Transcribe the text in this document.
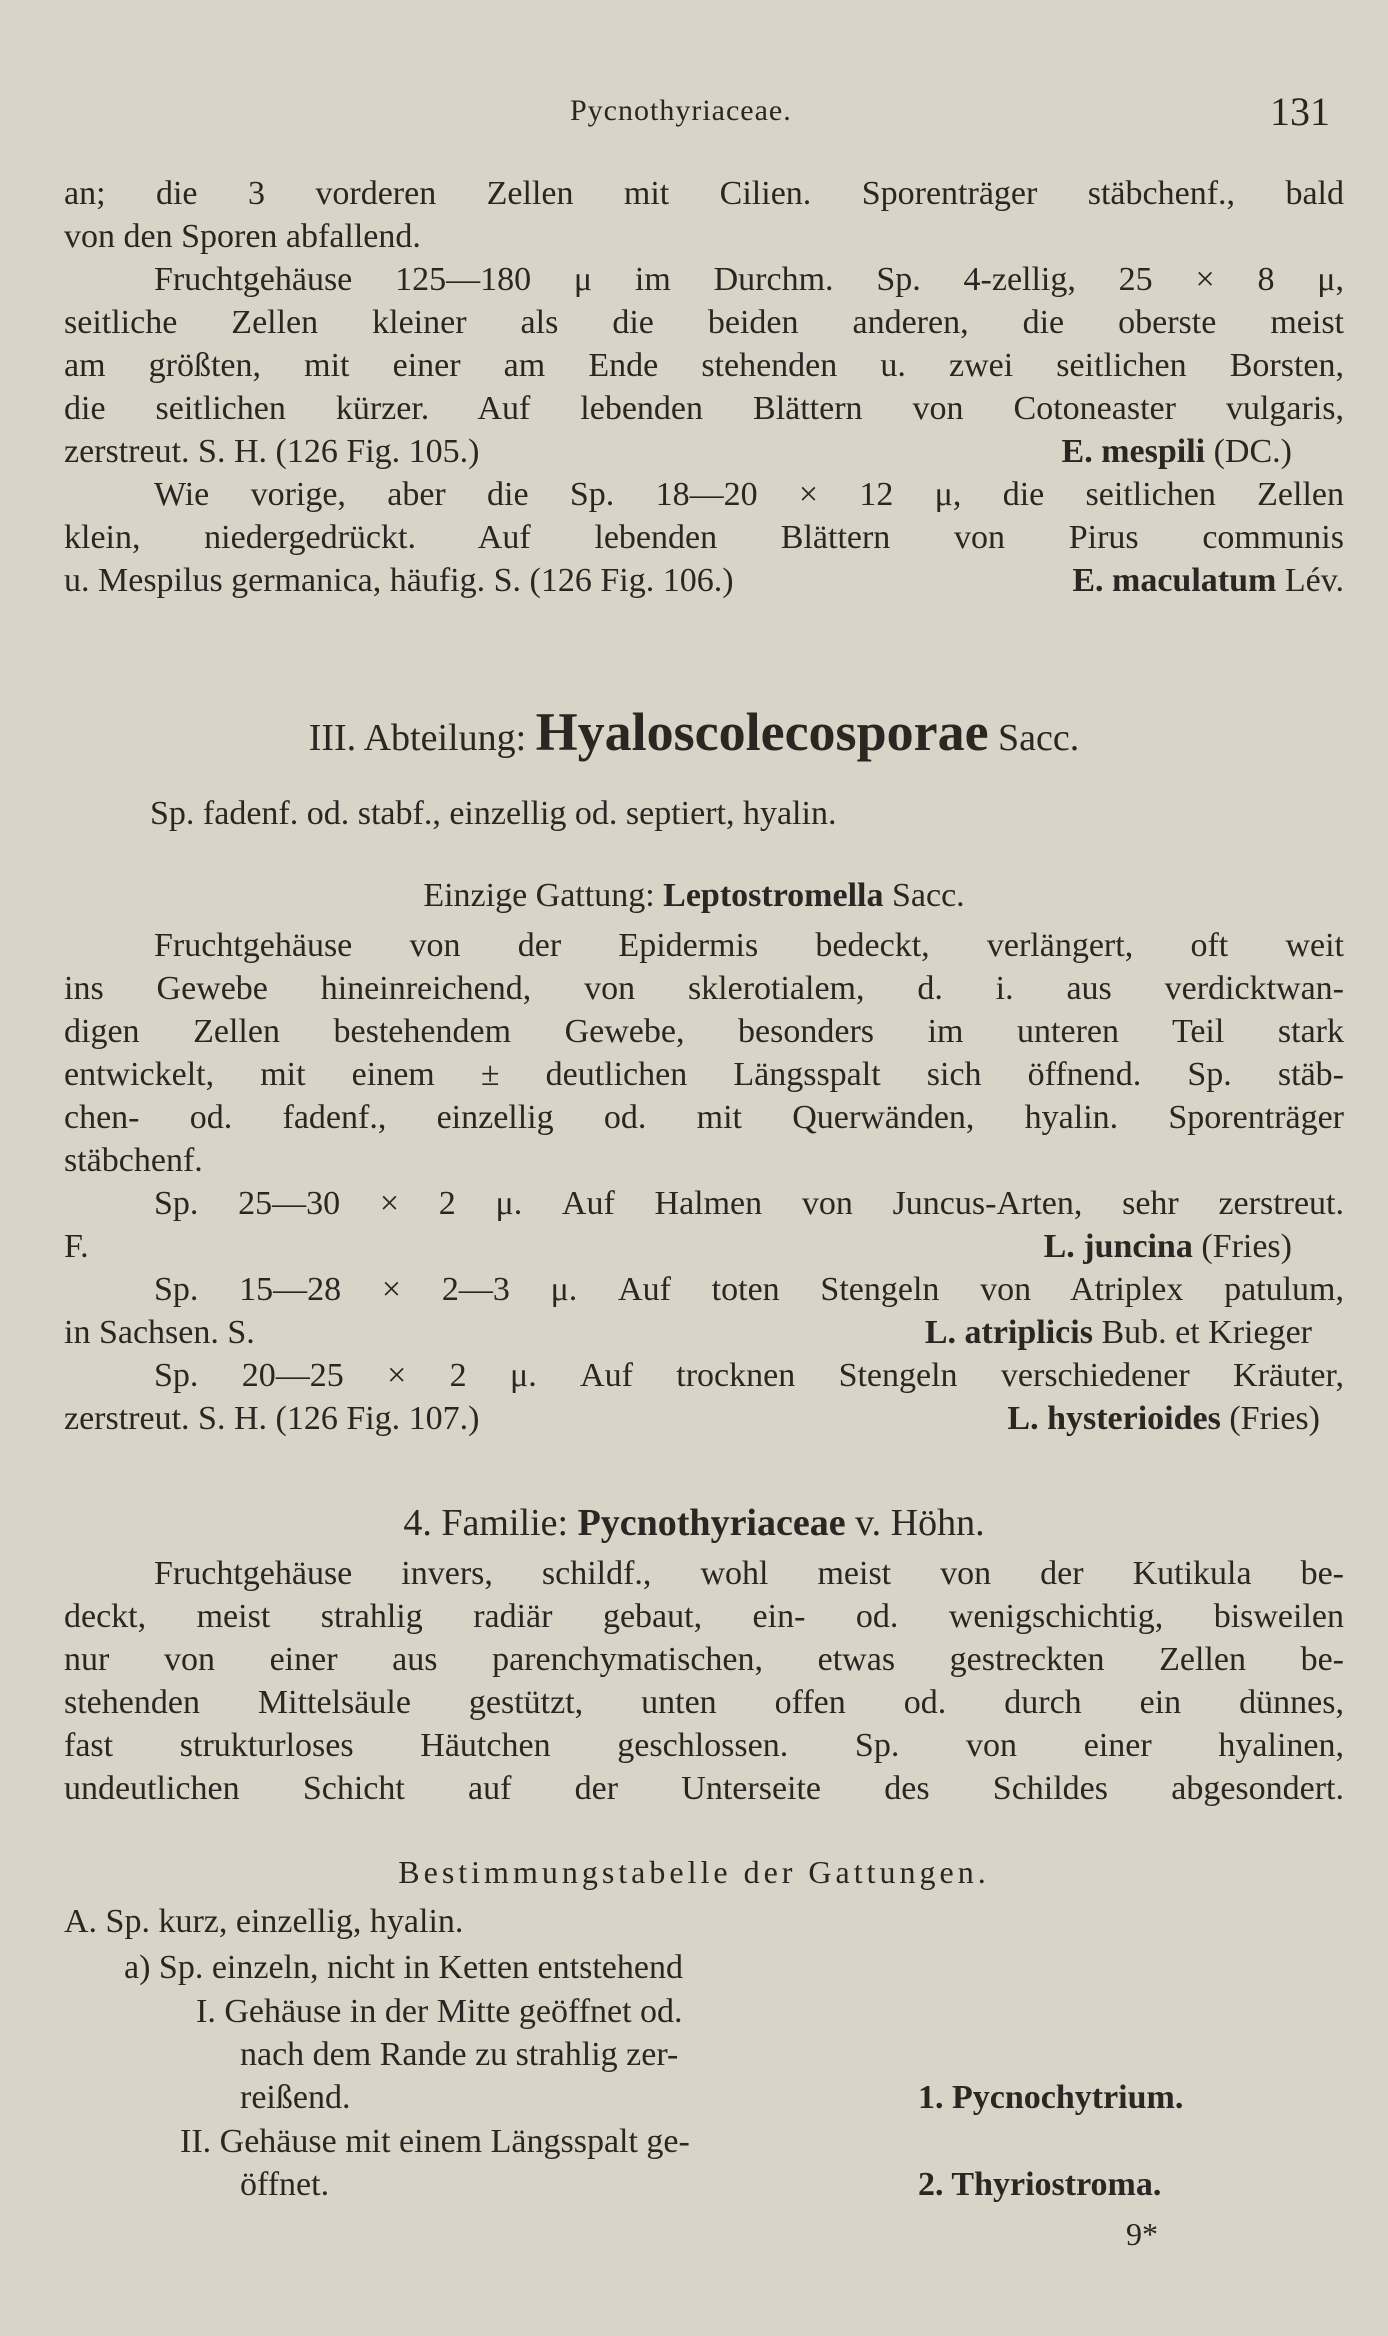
Pycnothyriaceae.	131
an; die 3 vorderen Zellen mit Cilien. Sporenträger stäbchenf., bald
von den Sporen abfallend.
Fruchtgehäuse 125—180 μ im Durchm. Sp. 4-zellig, 25 × 8 μ,
seitliche Zellen kleiner als die beiden anderen, die oberste meist
am größten, mit einer am Ende stehenden u. zwei seitlichen Borsten,
die seitlichen kürzer. Auf lebenden Blättern von Cotoneaster vulgaris,
zerstreut. S. H. (126 Fig. 105.)	E. mespili (DC.)
Wie vorige, aber die Sp. 18—20 × 12 μ, die seitlichen Zellen
klein, niedergedrückt. Auf lebenden Blättern von Pirus communis
u. Mespilus germanica, häufig. S. (126 Fig. 106.)	E. maculatum Lév.
III. Abteilung: Hyaloscolecosporae Sacc.
Sp. fadenf. od. stabf., einzellig od. septiert, hyalin.
Einzige Gattung: Leptostromella Sacc.
Fruchtgehäuse von der Epidermis bedeckt, verlängert, oft weit
ins Gewebe hineinreichend, von sklerotialem, d. i. aus verdicktwan-
digen Zellen bestehendem Gewebe, besonders im unteren Teil stark
entwickelt, mit einem ± deutlichen Längsspalt sich öffnend. Sp. stäb-
chen- od. fadenf., einzellig od. mit Querwänden, hyalin. Sporenträger
stäbchenf.
Sp. 25—30 × 2 μ. Auf Halmen von Juncus-Arten, sehr zerstreut.
F.	L. juncina (Fries)
Sp. 15—28 × 2—3 μ. Auf toten Stengeln von Atriplex patulum,
in Sachsen. S.	L. atriplicis Bub. et Krieger
Sp. 20—25 × 2 μ. Auf trocknen Stengeln verschiedener Kräuter,
zerstreut. S. H. (126 Fig. 107.)	L. hysterioides (Fries)
4. Familie: Pycnothyriaceae v. Höhn.
Fruchtgehäuse invers, schildf., wohl meist von der Kutikula be-
deckt, meist strahlig radiär gebaut, ein- od. wenigschichtig, bisweilen
nur von einer aus parenchymatischen, etwas gestreckten Zellen be-
stehenden Mittelsäule gestützt, unten offen od. durch ein dünnes,
fast strukturloses Häutchen geschlossen. Sp. von einer hyalinen,
undeutlichen Schicht auf der Unterseite des Schildes abgesondert.
Bestimmungstabelle der Gattungen.
A. Sp. kurz, einzellig, hyalin.
a) Sp. einzeln, nicht in Ketten entstehend
I. Gehäuse in der Mitte geöffnet od.
nach dem Rande zu strahlig zer-
reißend.	1. Pycnochytrium.
II. Gehäuse mit einem Längsspalt ge-
öffnet.	2. Thyriostroma.
9*
